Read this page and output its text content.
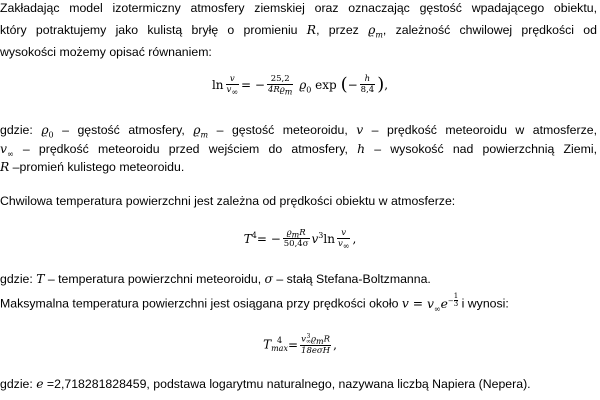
Zakładając model izotermiczny atmosfery ziemskiej oraz oznaczając gęstość wpadającego obiektu,
który potraktujemy jako kulistą bryłę o promieniu R, przez $ϱ_m$, zależność chwilowej prędkości od
wysokości możemy opisać równaniem:
$\ln \frac{v}{v_\infty}$ = − $\frac{25,2}{4Rϱ_m} ϱ_0$ exp ( − $\frac{h}{8,4}$ ) ,
gdzie: $ϱ_0$ – gęstość atmosfery, $ϱ_m$ – gęstość meteoroidu, v – prędkość meteoroidu w atmosferze,
$v_\infty$ – prędkość meteoroidu przed wejściem do atmosfery, h – wysokość nad powierzchnią Ziemi,
R –promień kulistego meteoroidu.
Chwilowa temperatura powierzchni jest zależna od prędkości obiektu w atmosferze:
$T^4$ = − $\frac{ϱ_mR}{50,4\sigma} v^3$ $\ln \frac{v}{v_\infty}$ ,
gdzie: T – temperatura powierzchni meteoroidu, σ – stałą Stefana-Boltzmanna.
Maksymalna temperatura powierzchni jest osiągana przy prędkości około $v = v_\infty e^{- \frac{1}{3}}$ i wynosi:
T 4
max = v 3
∞ $ϱ_mR$
18eσH ,
gdzie: e =2,718281828459, podstawa logarytmu naturalnego, nazywana liczbą Napiera (Nepera).
